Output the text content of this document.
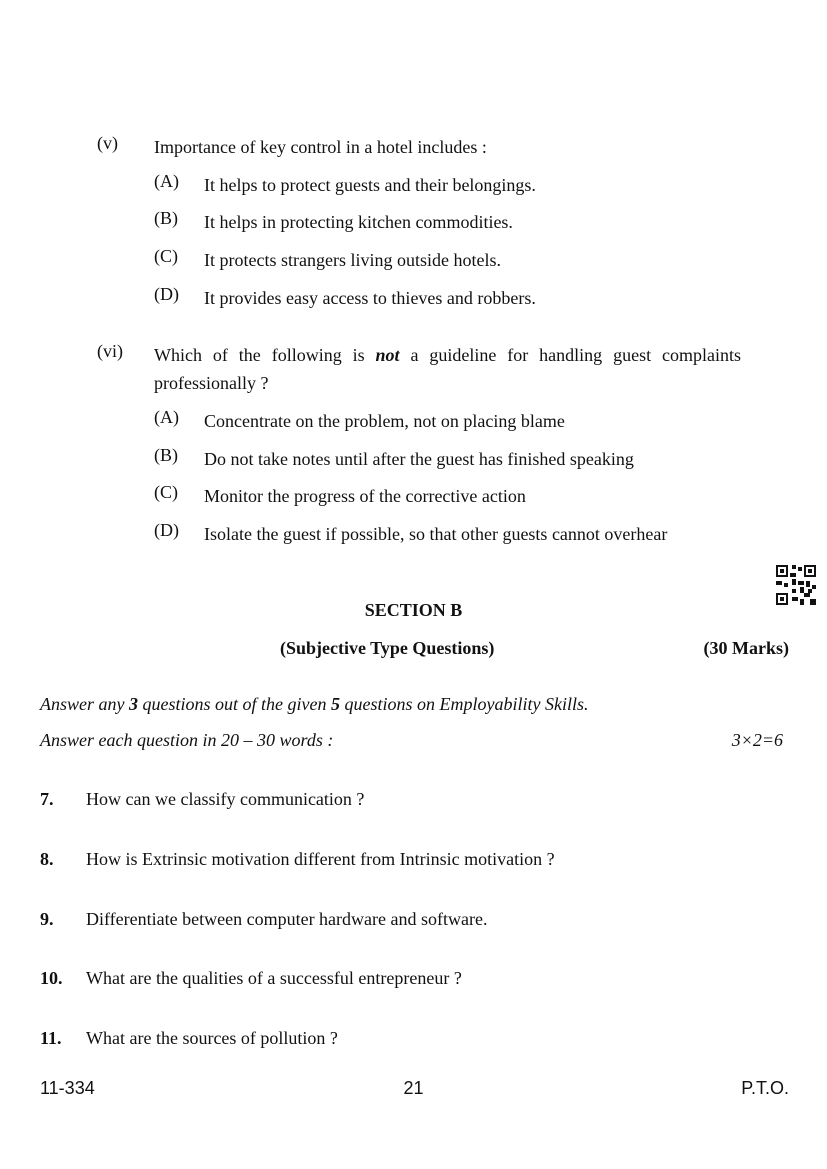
(v) Importance of key control in a hotel includes :
(A) It helps to protect guests and their belongings.
(B) It helps in protecting kitchen commodities.
(C) It protects strangers living outside hotels.
(D) It provides easy access to thieves and robbers.
(vi) Which of the following is not a guideline for handling guest complaints professionally ?
(A) Concentrate on the problem, not on placing blame
(B) Do not take notes until after the guest has finished speaking
(C) Monitor the progress of the corrective action
(D) Isolate the guest if possible, so that other guests cannot overhear
SECTION B
(Subjective Type Questions)	(30 Marks)
Answer any 3 questions out of the given 5 questions on Employability Skills.
Answer each question in 20 – 30 words :	3×2=6
7. How can we classify communication ?
8. How is Extrinsic motivation different from Intrinsic motivation ?
9. Differentiate between computer hardware and software.
10. What are the qualities of a successful entrepreneur ?
11. What are the sources of pollution ?
11-334	21	P.T.O.
